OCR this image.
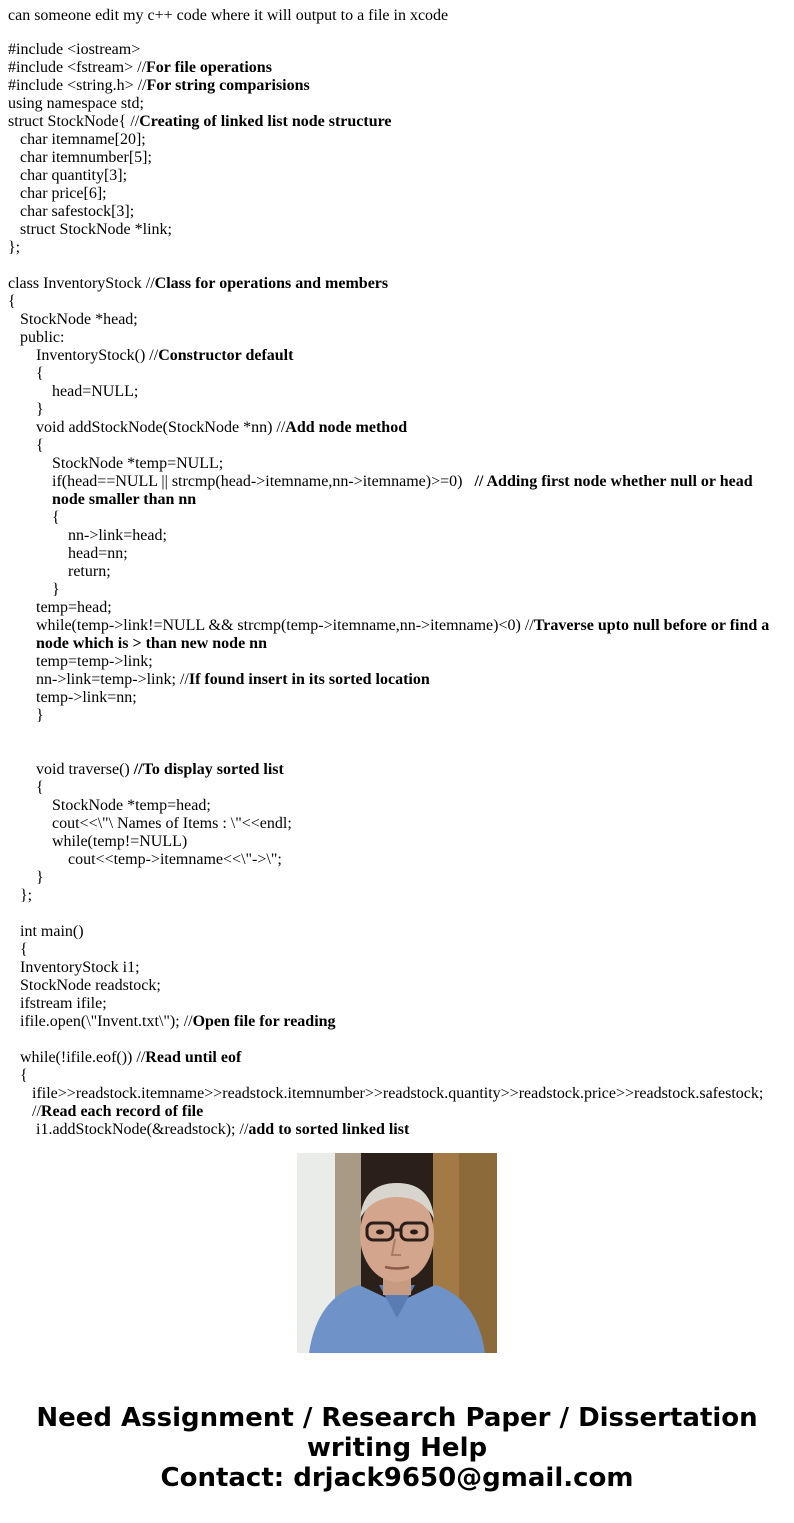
can someone edit my c++ code where it will output to a file in xcode

#include <iostream>
#include <fstream> //For file operations
#include <string.h> //For string comparisions
using namespace std;
struct StockNode{ //Creating of linked list node structure
char itemname[20];
char itemnumber[5];
char quantity[3];
char price[6];
char safestock[3];
struct StockNode *link;
};
class InventoryStock //Class for operations and members
{
StockNode *head;
public:
InventoryStock() //Constructor default
{
head=NULL;
}
void addStockNode(StockNode *nn) //Add node method
{
StockNode *temp=NULL;
if(head==NULL || strcmp(head->itemname,nn->itemname)>=0)   // Adding first node whether null or head node smaller than nn
{
nn->link=head;
head=nn;
return;
}
temp=head;
while(temp->link!=NULL && strcmp(temp->itemname,nn->itemname)<0) //Traverse upto null before or find a node which is > than new node nn
temp=temp->link;
nn->link=temp->link; //If found insert in its sorted location
temp->link=nn;
}
void traverse() //To display sorted list
{
StockNode *temp=head;
cout<<\"\ Names of Items : \"<<endl;
while(temp!=NULL)
cout<<temp->itemname<<\"->\";
}
};
int main()
{
InventoryStock i1;
StockNode readstock;
ifstream ifile;
ifile.open(\"Invent.txt\"); //Open file for reading
while(!ifile.eof()) //Read until eof
{
ifile>>readstock.itemname>>readstock.itemnumber>>readstock.quantity>>readstock.price>>readstock.safestock; //Read each record of file
i1.addStockNode(&readstock); //add to sorted linked list
Need Assignment / Research Paper / Dissertation writing Help
Contact: drjack9650@gmail.com
